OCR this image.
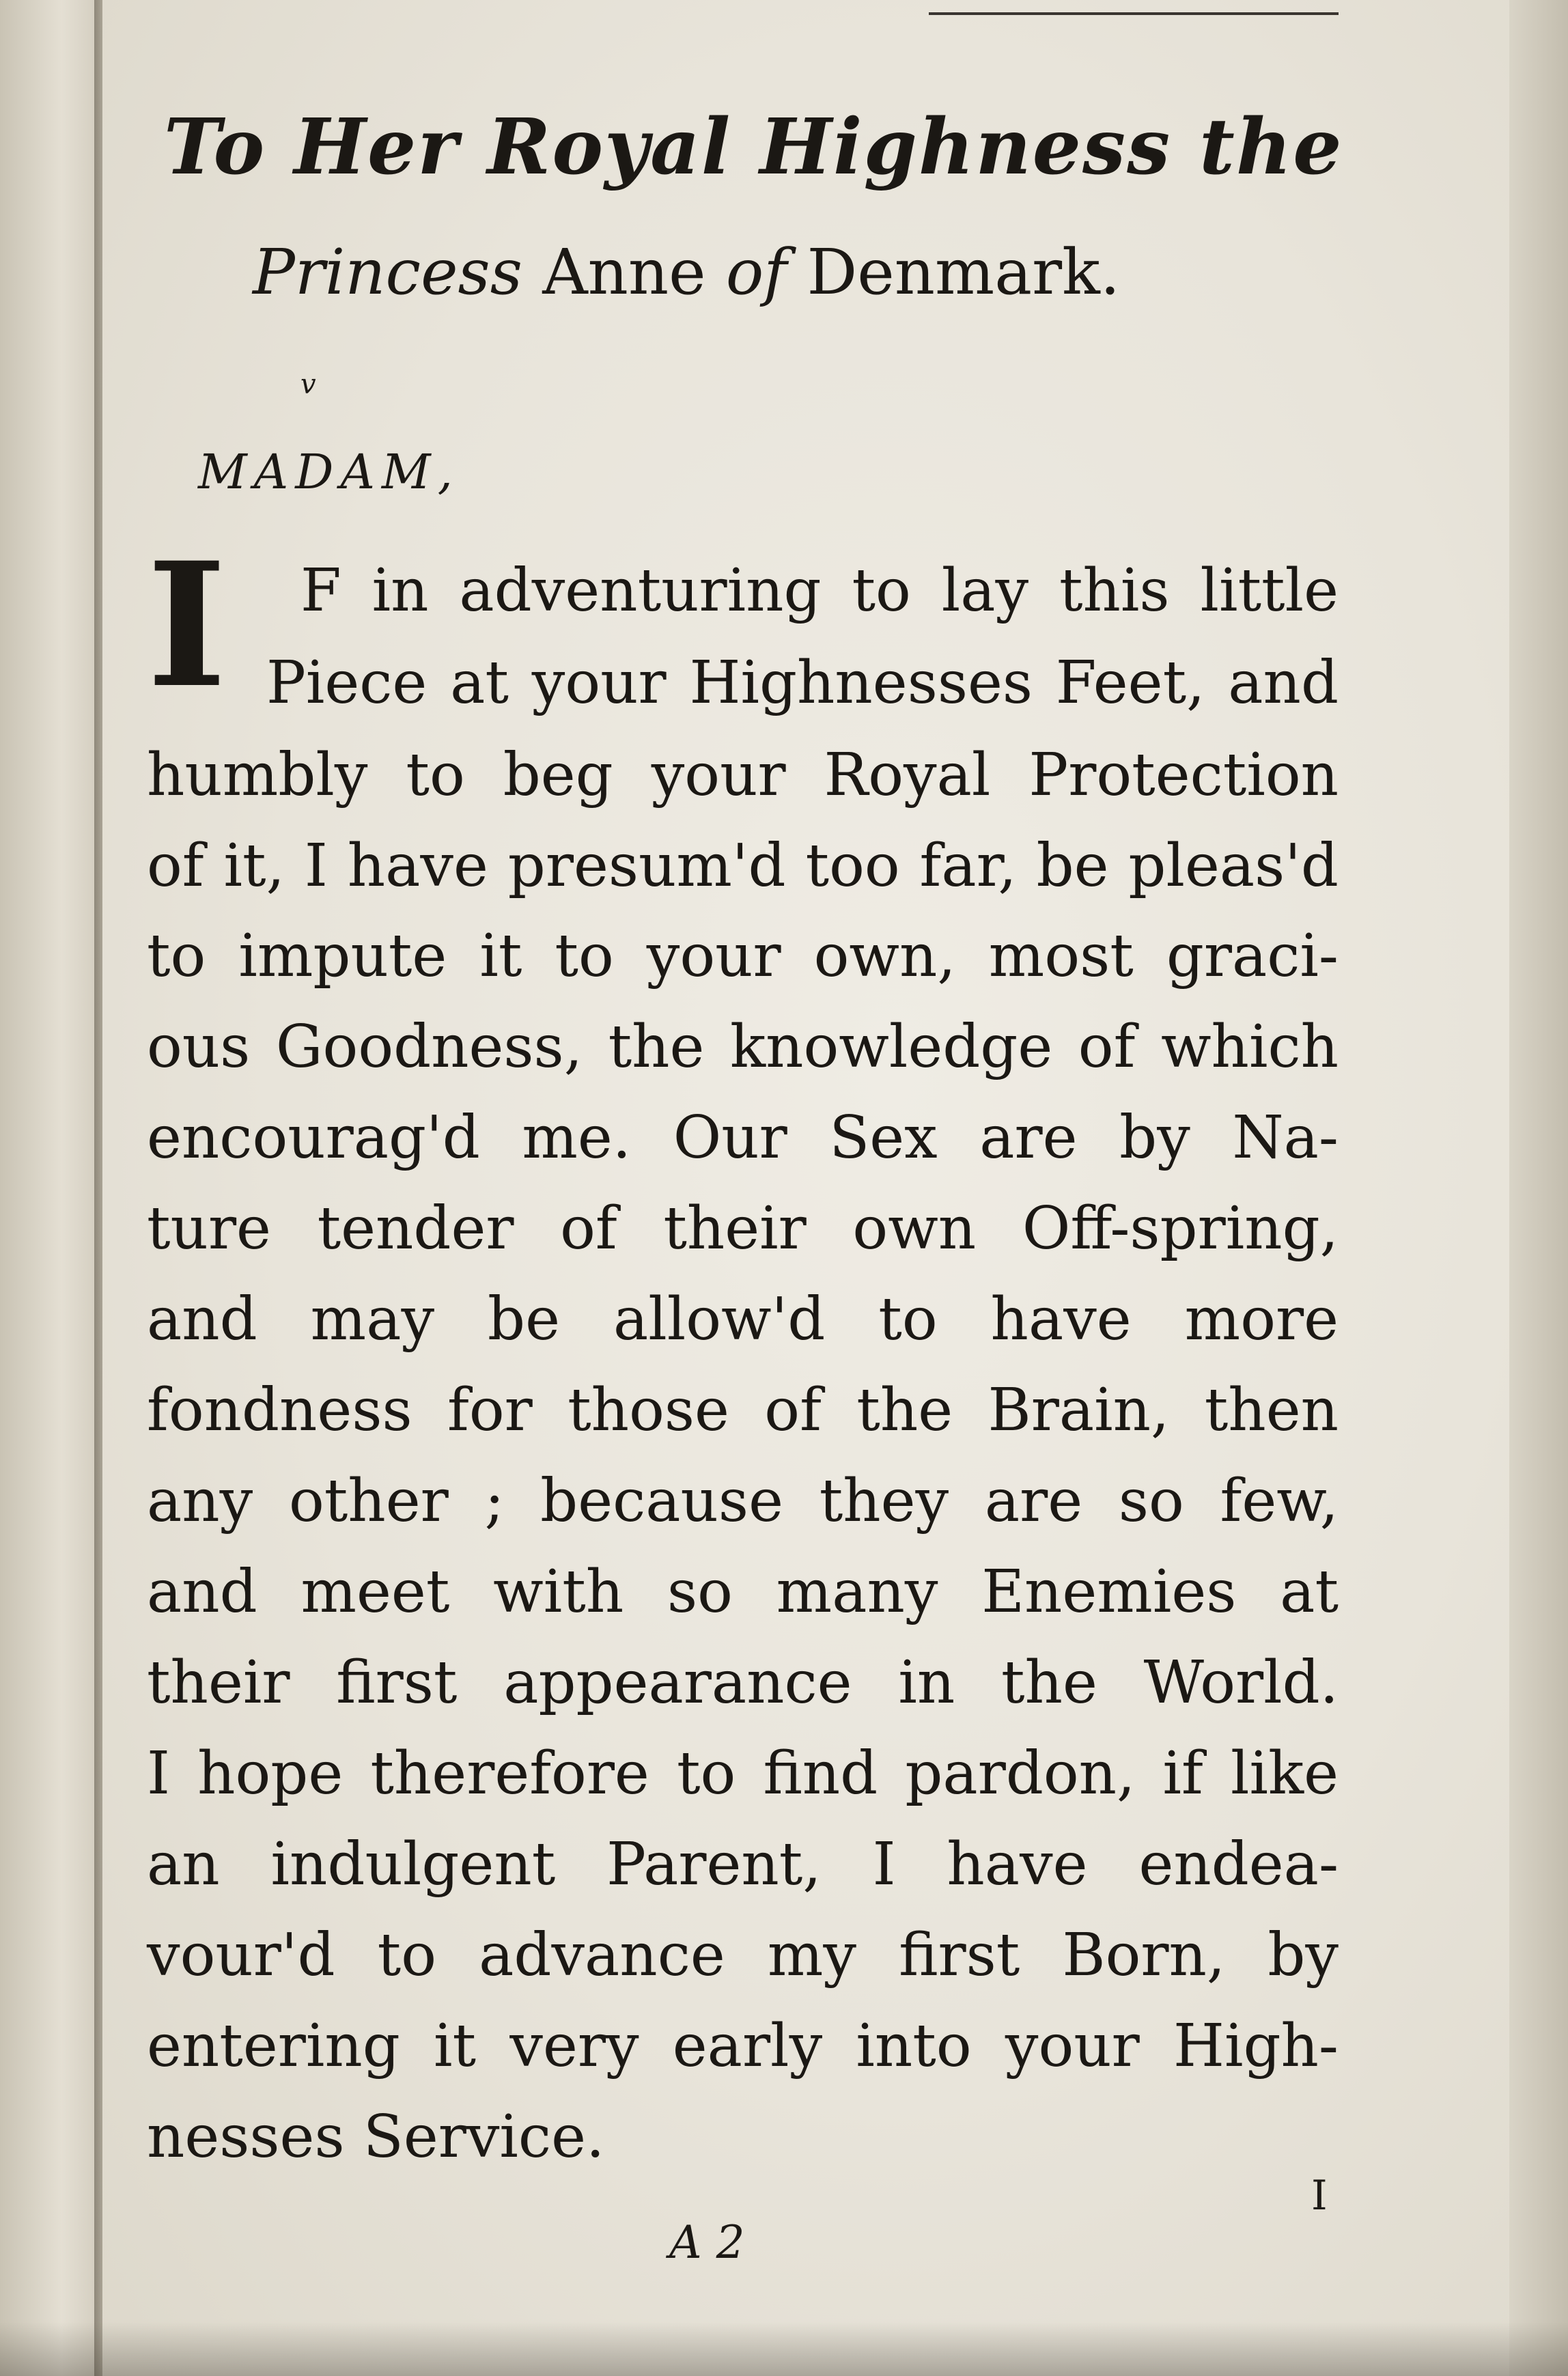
To Her Royal Highness the
Princess Anne of Denmark.
v
MADAM,
I F in adventuring to lay this little
Piece at your Highnesses Feet, and
humbly to beg your Royal Protection
of it, I have presum'd too far, be pleas'd
to impute it to your own, most graci-
ous Goodness, the knowledge of which
encourag'd me. Our Sex are by Na-
ture tender of their own Off-spring,
and may be allow'd to have more
fondness for those of the Brain, then
any other ; because they are so few,
and meet with so many Enemies at
their first appearance in the World.
I hope therefore to find pardon, if like
an indulgent Parent, I have endea-
vour'd to advance my first Born, by
entering it very early into your High-
nesses Service.
A 2
I
